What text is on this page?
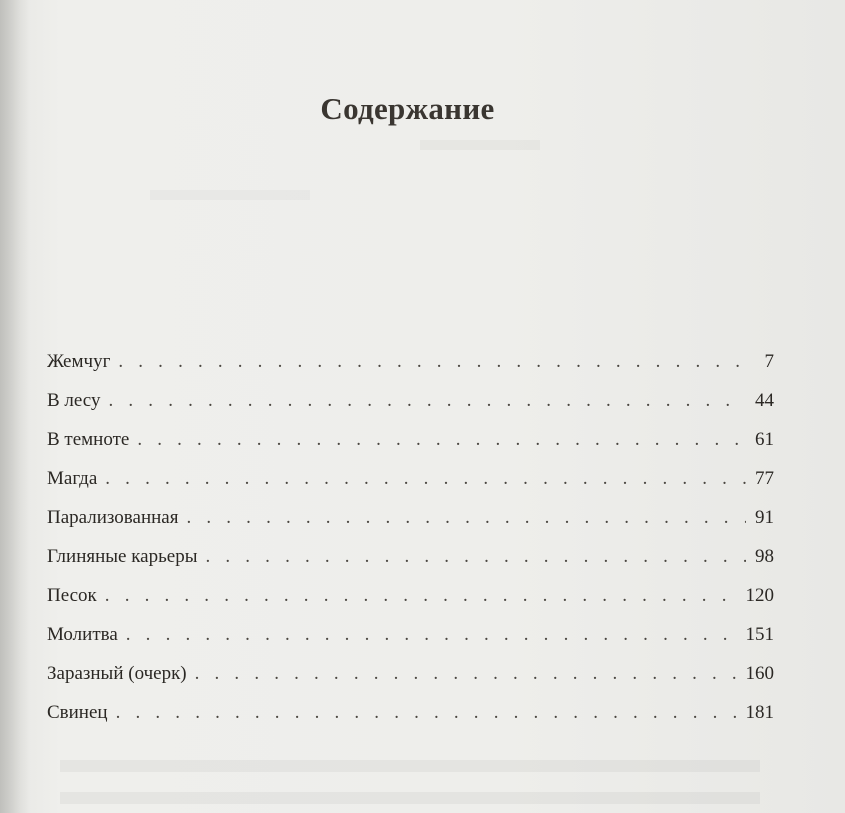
Содержание
Жемчуг . . .	7
В лесу . . .	44
В темноте . . .	61
Магда . . .	77
Парализованная . . .	91
Глиняные карьеры . . .	98
Песок . . .	120
Молитва . . .	151
Заразный (очерк) . . .	160
Свинец . . .	181
